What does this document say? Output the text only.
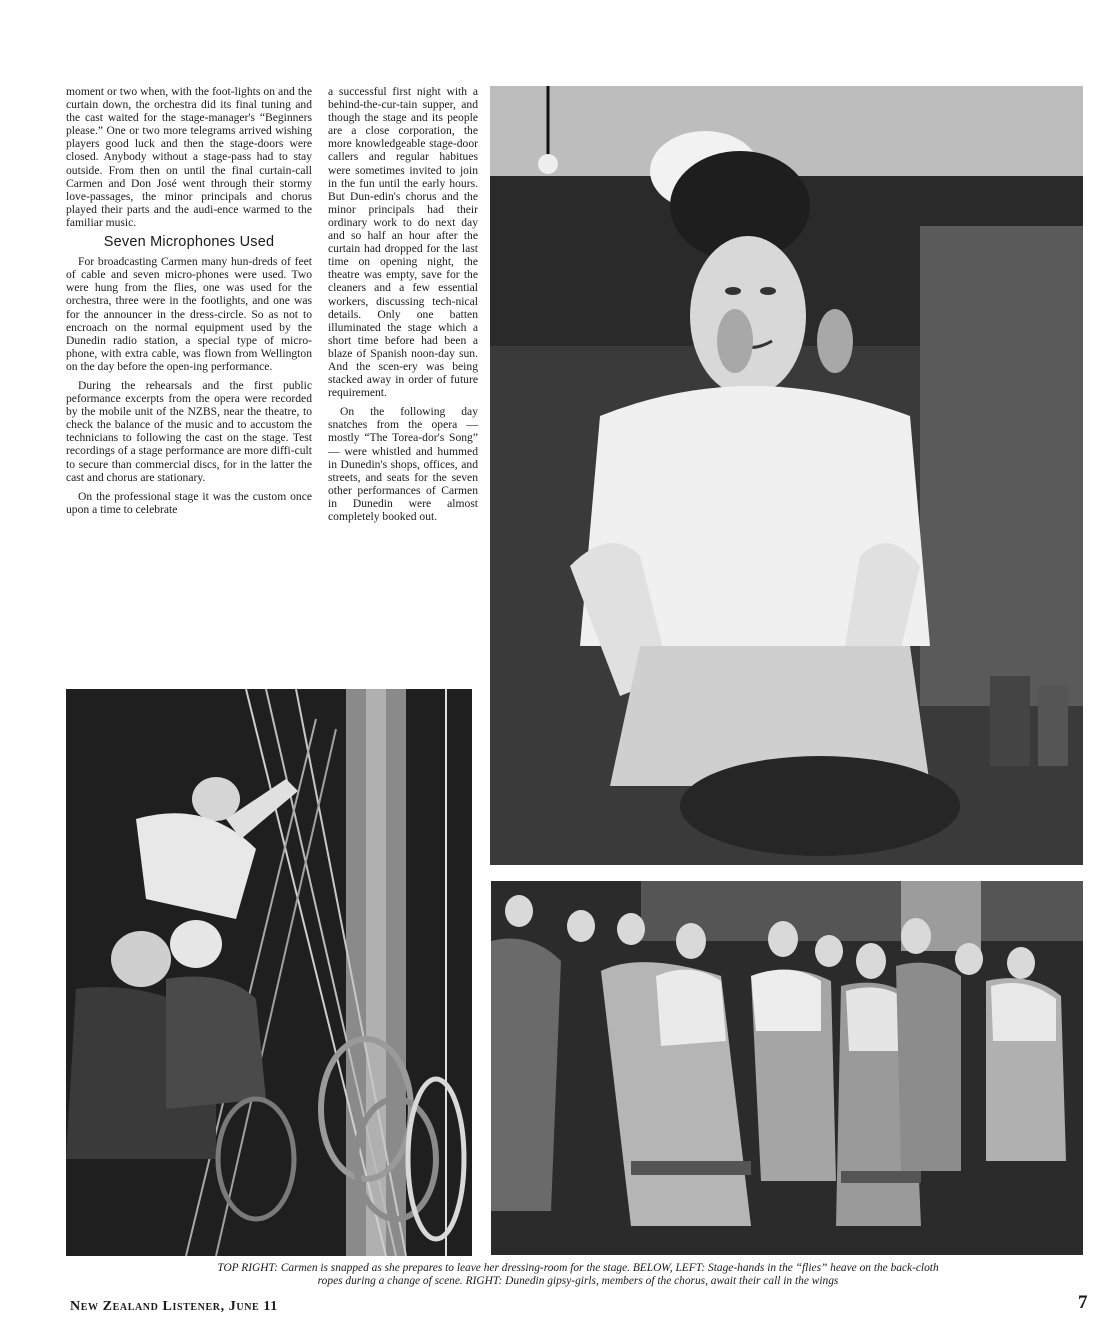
moment or two when, with the foot-lights on and the curtain down, the orchestra did its final tuning and the cast waited for the stage-manager's “Beginners please.” One or two more telegrams arrived wishing players good luck and then the stage-doors were closed. Anybody without a stage-pass had to stay outside. From then on until the final curtain-call Carmen and Don José went through their stormy love-passages, the minor principals and chorus played their parts and the audi-ence warmed to the familiar music.

Seven Microphones Used

For broadcasting Carmen many hun-dreds of feet of cable and seven micro-phones were used. Two were hung from the flies, one was used for the orchestra, three were in the footlights, and one was for the announcer in the dress-circle. So as not to encroach on the normal equipment used by the Dunedin radio station, a special type of micro-phone, with extra cable, was flown from Wellington on the day before the open-ing performance.

During the rehearsals and the first public peformance excerpts from the opera were recorded by the mobile unit of the NZBS, near the theatre, to check the balance of the music and to accustom the technicians to following the cast on the stage. Test recordings of a stage performance are more diffi-cult to secure than commercial discs, for in the latter the cast and chorus are stationary.

On the professional stage it was the custom once upon a time to celebrate

a successful first night with a behind-the-cur-tain supper, and though the stage and its people are a close corporation, the more knowledgeable stage-door callers and regular habitues were sometimes invited to join in the fun until the early hours. But Dun-edin's chorus and the minor principals had their ordinary work to do next day and so half an hour after the curtain had dropped for the last time on opening night, the theatre was empty, save for the cleaners and a few essential workers, discussing tech-nical details. Only one batten illuminated the stage which a short time before had been a blaze of Spanish noon-day sun. And the scen-ery was being stacked away in order of future requirement.

On the following day snatches from the opera —mostly “The Torea-dor's Song” — were whistled and hummed in Dunedin's shops, offices, and streets, and seats for the seven other performances of Carmen in Dunedin were almost completely booked out.

TOP RIGHT: Carmen is snapped as she prepares to leave her dressing-room for the stage. BELOW, LEFT: Stage-hands in the “flies” heave on the back-cloth
ropes during a change of scene. RIGHT: Dunedin gipsy-girls, members of the chorus, await their call in the wings
New Zealand Listener, June 11	7
